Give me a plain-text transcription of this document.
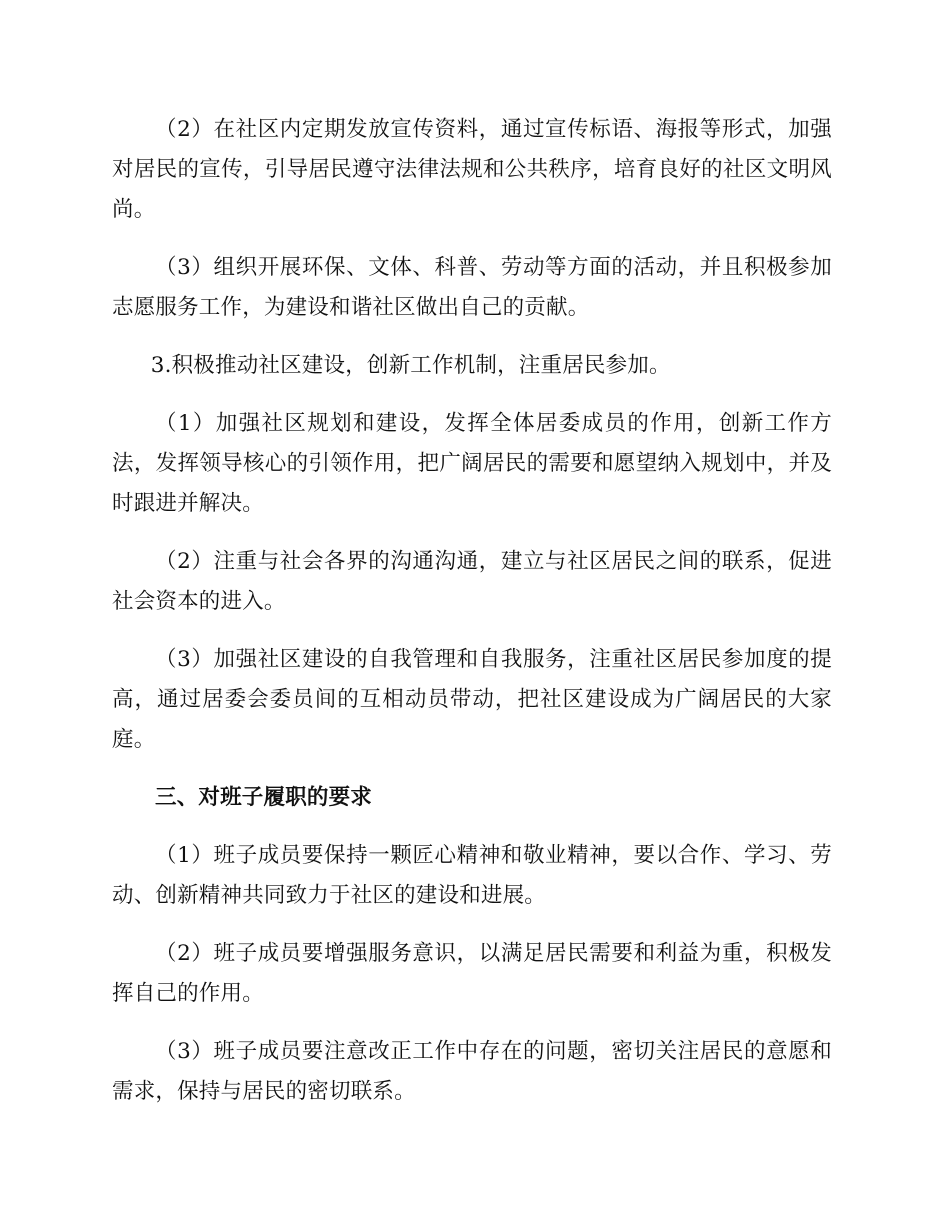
（2）在社区内定期发放宣传资料，通过宣传标语、海报等形式，加强对居民的宣传，引导居民遵守法律法规和公共秩序，培育良好的社区文明风尚。

（3）组织开展环保、文体、科普、劳动等方面的活动，并且积极参加志愿服务工作，为建设和谐社区做出自己的贡献。

3.积极推动社区建设，创新工作机制，注重居民参加。

（1）加强社区规划和建设，发挥全体居委成员的作用，创新工作方法，发挥领导核心的引领作用，把广阔居民的需要和愿望纳入规划中，并及时跟进并解决。

（2）注重与社会各界的沟通沟通，建立与社区居民之间的联系，促进社会资本的进入。

（3）加强社区建设的自我管理和自我服务，注重社区居民参加度的提高，通过居委会委员间的互相动员带动，把社区建设成为广阔居民的大家庭。

三、对班子履职的要求

（1）班子成员要保持一颗匠心精神和敬业精神，要以合作、学习、劳动、创新精神共同致力于社区的建设和进展。

（2）班子成员要增强服务意识，以满足居民需要和利益为重，积极发挥自己的作用。

（3）班子成员要注意改正工作中存在的问题，密切关注居民的意愿和需求，保持与居民的密切联系。
